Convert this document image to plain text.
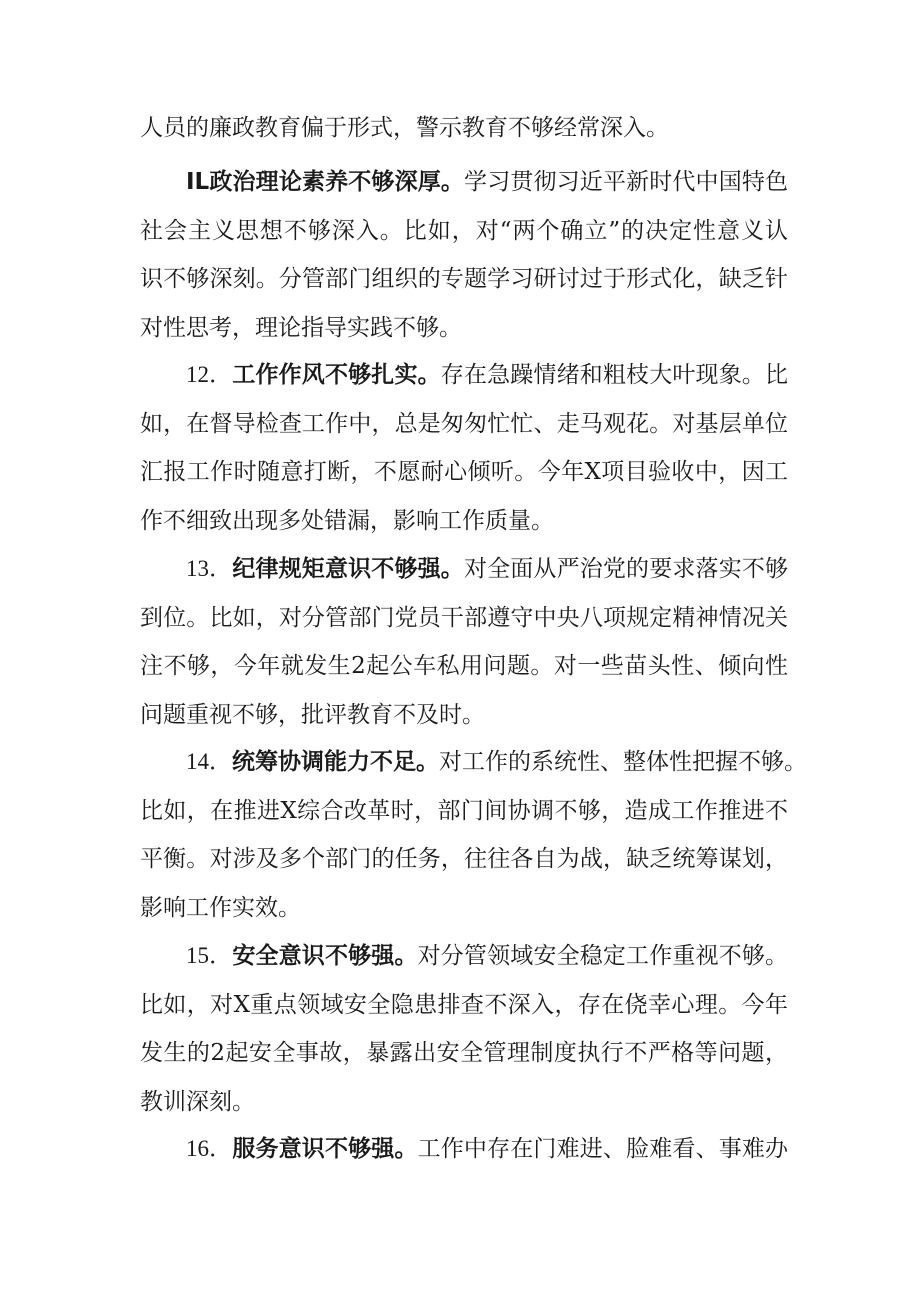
人员的廉政教育偏于形式，警示教育不够经常深入。

IL政治理论素养不够深厚。学习贯彻习近平新时代中国特色
社会主义思想不够深入。比如，对“两个确立”的决定性意义认
识不够深刻。分管部门组织的专题学习研讨过于形式化，缺乏针
对性思考，理论指导实践不够。

12．工作作风不够扎实。存在急躁情绪和粗枝大叶现象。比
如，在督导检查工作中，总是匆匆忙忙、走马观花。对基层单位
汇报工作时随意打断，不愿耐心倾听。今年X项目验收中，因工
作不细致出现多处错漏，影响工作质量。

13．纪律规矩意识不够强。对全面从严治党的要求落实不够
到位。比如，对分管部门党员干部遵守中央八项规定精神情况关
注不够，今年就发生2起公车私用问题。对一些苗头性、倾向性
问题重视不够，批评教育不及时。

14．统筹协调能力不足。对工作的系统性、整体性把握不够。
比如，在推进X综合改革时，部门间协调不够，造成工作推进不
平衡。对涉及多个部门的任务，往往各自为战，缺乏统筹谋划，
影响工作实效。

15．安全意识不够强。对分管领域安全稳定工作重视不够。
比如，对X重点领域安全隐患排查不深入，存在侥幸心理。今年
发生的2起安全事故，暴露出安全管理制度执行不严格等问题，
教训深刻。

16．服务意识不够强。工作中存在门难进、脸难看、事难办
